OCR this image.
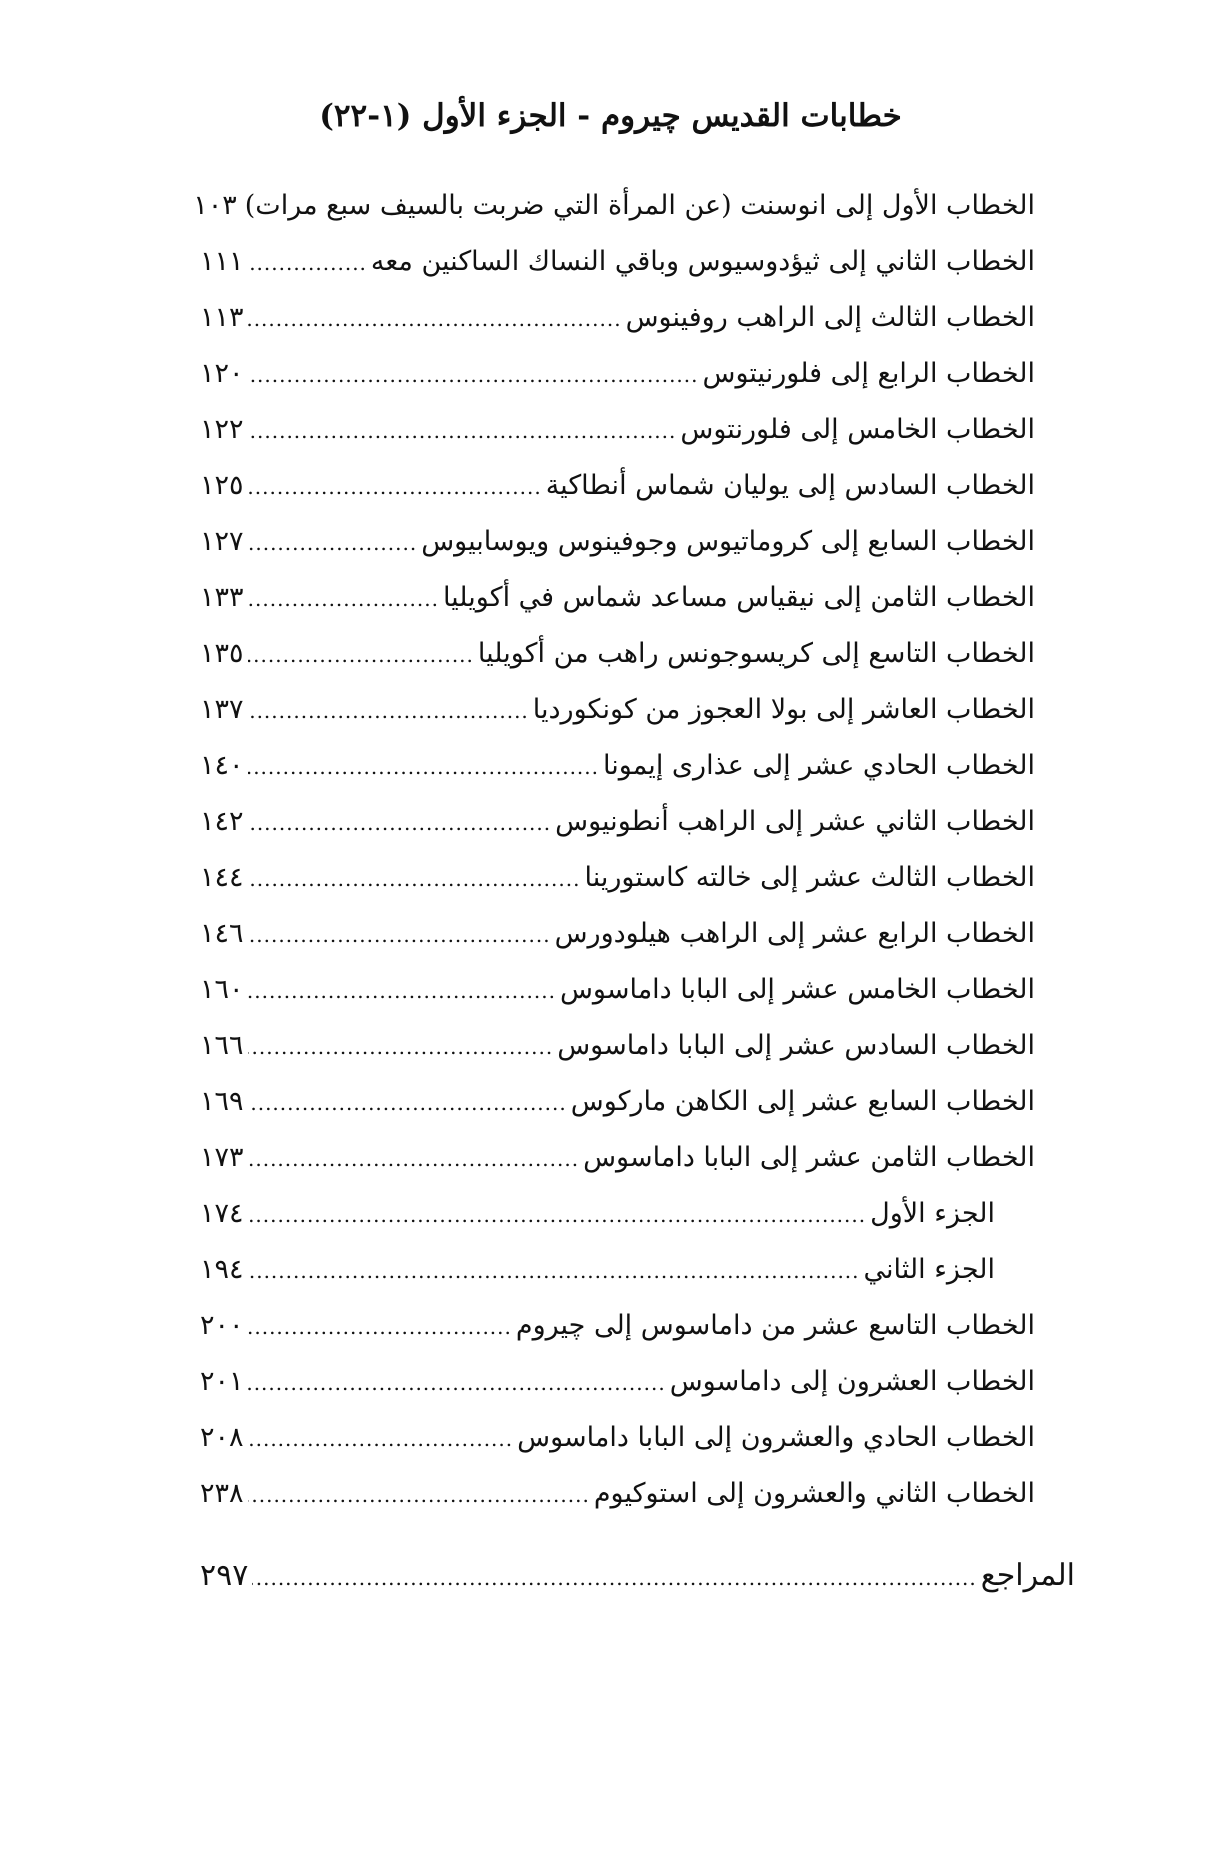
خطابات القديس چيروم - الجزء الأول (١-٢٢)
الخطاب الأول إلى انوسنت (عن المرأة التي ضربت بالسيف سبع مرات)
١٠٣
الخطاب الثاني إلى ثيؤدوسيوس وباقي النساك الساكنين معه
.....
١١١
الخطاب الثالث إلى الراهب روفينوس
.....
١١٣
الخطاب الرابع إلى فلورنيتوس
.....
١٢٠
الخطاب الخامس إلى فلورنتوس
.....
١٢٢
الخطاب السادس إلى يوليان شماس أنطاكية
.....
١٢٥
الخطاب السابع إلى كروماتيوس وجوفينوس ويوسابيوس
.....
١٢٧
الخطاب الثامن إلى نيقياس مساعد شماس في أكويليا
.....
١٣٣
الخطاب التاسع إلى كريسوجونس راهب من أكويليا
.....
١٣٥
الخطاب العاشر إلى بولا العجوز من كونكورديا
.....
١٣٧
الخطاب الحادي عشر إلى عذارى إيمونا
.....
١٤٠
الخطاب الثاني عشر إلى الراهب أنطونيوس
.....
١٤٢
الخطاب الثالث عشر إلى خالته كاستورينا
.....
١٤٤
الخطاب الرابع عشر إلى الراهب هيلودورس
.....
١٤٦
الخطاب الخامس عشر إلى البابا داماسوس
.....
١٦٠
الخطاب السادس عشر إلى البابا داماسوس
.....
١٦٦
الخطاب السابع عشر إلى الكاهن ماركوس
.....
١٦٩
الخطاب الثامن عشر إلى البابا داماسوس
.....
١٧٣
الجزء الأول
.....
١٧٤
الجزء الثاني
.....
١٩٤
الخطاب التاسع عشر من داماسوس إلى چيروم
.....
٢٠٠
الخطاب العشرون إلى داماسوس
.....
٢٠١
الخطاب الحادي والعشرون إلى البابا داماسوس
.....
٢٠٨
الخطاب الثاني والعشرون إلى استوكيوم
.....
٢٣٨
المراجع
.....
٢٩٧
